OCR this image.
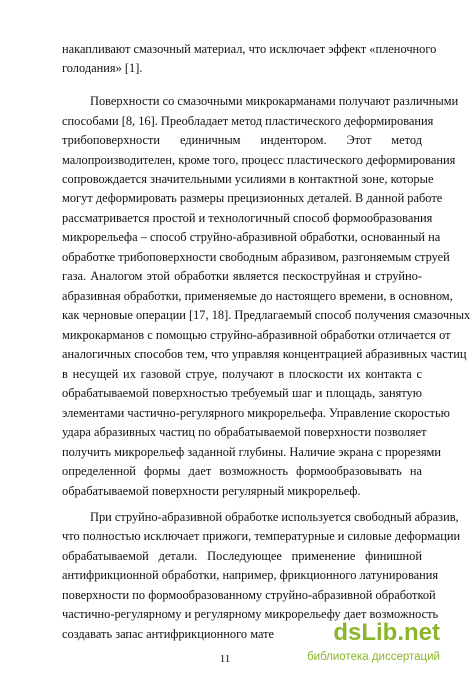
накапливают смазочный материал, что исключает эффект «пленочного
голодания» [1].
Поверхности со смазочными микрокарманами получают различными
способами [8, 16]. Преобладает метод пластического деформирования
трибоповерхности единичным индентором. Этот метод
малопроизводителен, кроме того, процесс пластического деформирования
сопровождается значительными усилиями в контактной зоне, которые
могут деформировать размеры прецизионных деталей. В данной работе
рассматривается простой и технологичный способ формообразования
микрорельефа – способ струйно-абразивной обработки, основанный на
обработке трибоповерхности свободным абразивом, разгоняемым струей
газа. Аналогом этой обработки является пескоструйная и струйно-
абразивная обработки, применяемые до настоящего времени, в основном,
как черновые операции [17, 18]. Предлагаемый способ получения смазочных
микрокарманов с помощью струйно-абразивной обработки отличается от
аналогичных способов тем, что управляя концентрацией абразивных частиц
в несущей их газовой струе, получают в плоскости их контакта с
обрабатываемой поверхностью требуемый шаг и площадь, занятую
элементами частично-регулярного микрорельефа. Управление скоростью
удара абразивных частиц по обрабатываемой поверхности позволяет
получить микрорельеф заданной глубины. Наличие экрана с прорезями
определенной формы дает возможность формообразовывать на
обрабатываемой поверхности регулярный микрорельеф.
При струйно-абразивной обработке используется свободный абразив,
что полностью исключает прижоги, температурные и силовые деформации
обрабатываемой детали. Последующее применение финишной
антифрикционной обработки, например, фрикционного латунирования
поверхности по формообразованному струйно-абразивной обработкой
частично-регулярному и регулярному микрорельефу дает возможность
создавать запас антифрикционного мате
11
dsLib.net
библиотека диссертаций
